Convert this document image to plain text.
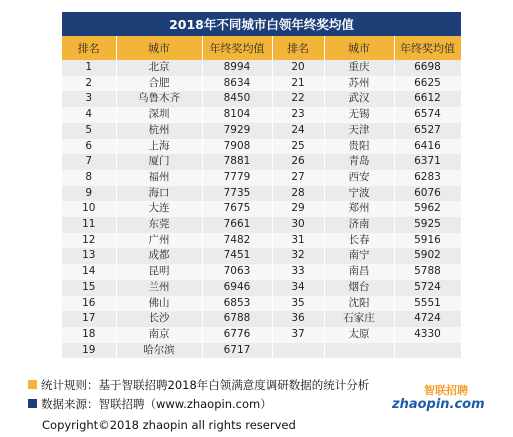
2018年不同城市白领年终奖均值
排名	城市	年终奖均值	排名	城市	年终奖均值
1	北京	8994	20	重庆	6698
2	合肥	8634	21	苏州	6625
3	乌鲁木齐	8450	22	武汉	6612
4	深圳	8104	23	无锡	6574
5	杭州	7929	24	天津	6527
6	上海	7908	25	贵阳	6416
7	厦门	7881	26	青岛	6371
8	福州	7779	27	西安	6283
9	海口	7735	28	宁波	6076
10	大连	7675	29	郑州	5962
11	东莞	7661	30	济南	5925
12	广州	7482	31	长春	5916
13	成都	7451	32	南宁	5902
14	昆明	7063	33	南昌	5788
15	兰州	6946	34	烟台	5724
16	佛山	6853	35	沈阳	5551
17	长沙	6788	36	石家庄	4724
18	南京	6776	37	太原	4330
19	哈尔滨	6717			
统计规则：基于智联招聘2018年白领满意度调研数据的统计分析
数据来源：智联招聘（www.zhaopin.com）
智联招聘
zhaopin.com
Copyright©2018 zhaopin all rights reserved
